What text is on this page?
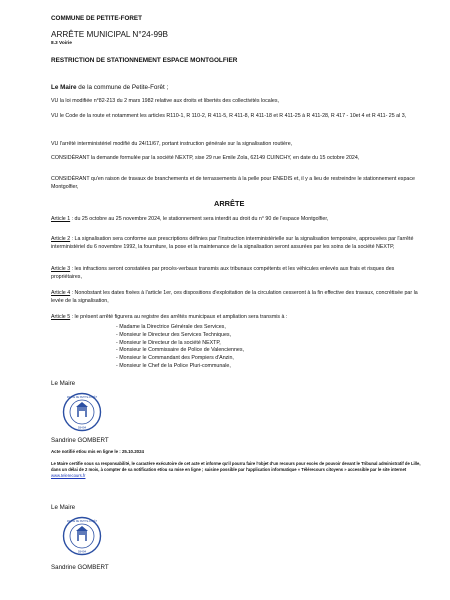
COMMUNE DE PETITE-FORET
ARRÊTE MUNICIPAL N°24-99B
8.3 Voirie
RESTRICTION DE STATIONNEMENT ESPACE MONTGOLFIER
Le Maire de la commune de Petite-Forêt ;
VU la loi modifiée n°82-213 du 2 mars 1982 relative aux droits et libertés des collectivités locales,
VU le Code de la route et notamment les articles R110-1, R 110-2, R 411-5, R 411-8, R 411-18 et R 411-25 à R 411-28, R 417 - 10et 4 et R 411- 25 al 3,
VU l'arrêté interministériel modifié du 24/11/67, portant instruction générale sur la signalisation routière,
CONSIDÉRANT la demande formulée par la société NEXTP, sise 29 rue Emile Zola, 62149 CUINCHY, en date du 15 octobre 2024,
CONSIDÉRANT qu'en raison de travaux de branchements et de terrassements à la pelle pour ENEDIS et, il y a lieu de restreindre le stationnement espace Montgolfier,
ARRÊTE
Article 1 : du 25 octobre au 25 novembre 2024, le stationnement sera interdit au droit du n° 90 de l'espace Montgolfier,
Article 2 : La signalisation sera conforme aux prescriptions définies par l'instruction interministérielle sur la signalisation temporaire, approuvées par l'arrêté interministériel du 6 novembre 1992, la fourniture, la pose et la maintenance de la signalisation seront assurées par les soins de la société NEXTP,
Article 3 : les infractions seront constatées par procès-verbaux transmis aux tribunaux compétents et les véhicules enlevés aux frais et risques des propriétaires,
Article 4 : Nonobstant les dates fixées à l'article 1er, ces dispositions d'exploitation de la circulation cesseront à la fin effective des travaux, concrétisée par la levée de la signalisation,
Article 5 : le présent arrêté figurera au registre des arrêtés municipaux et ampliation sera transmis à :
- Madame la Directrice Générale des Services,
- Monsieur le Directeur des Services Techniques,
- Monsieur le Directeur de la société NEXTP,
- Monsieur le Commissaire de Police de Valenciennes,
- Monsieur le Commandant des Pompiers d'Anzin,
- Monsieur le Chef de la Police Pluri-communale,
Le Maire
59494
MAIRIE DE PETITE-FORÊT
Sandrine GOMBERT
Acte notifié et/ou mis en ligne le : 25.10.2024
Le Maire certifie sous sa responsabilité, le caractère exécutoire de cet acte et informe qu'il pourra faire l'objet d'un recours pour excès de pouvoir devant le Tribunal administratif de Lille, dans un délai de 2 mois, à compter de sa notification et/ou sa mise en ligne ; saisine possible par l'application informatique « Télérecours citoyens » accessible par le site internet www.telerecours.fr
Le Maire
59494
MAIRIE DE PETITE-FORÊT
Sandrine GOMBERT
